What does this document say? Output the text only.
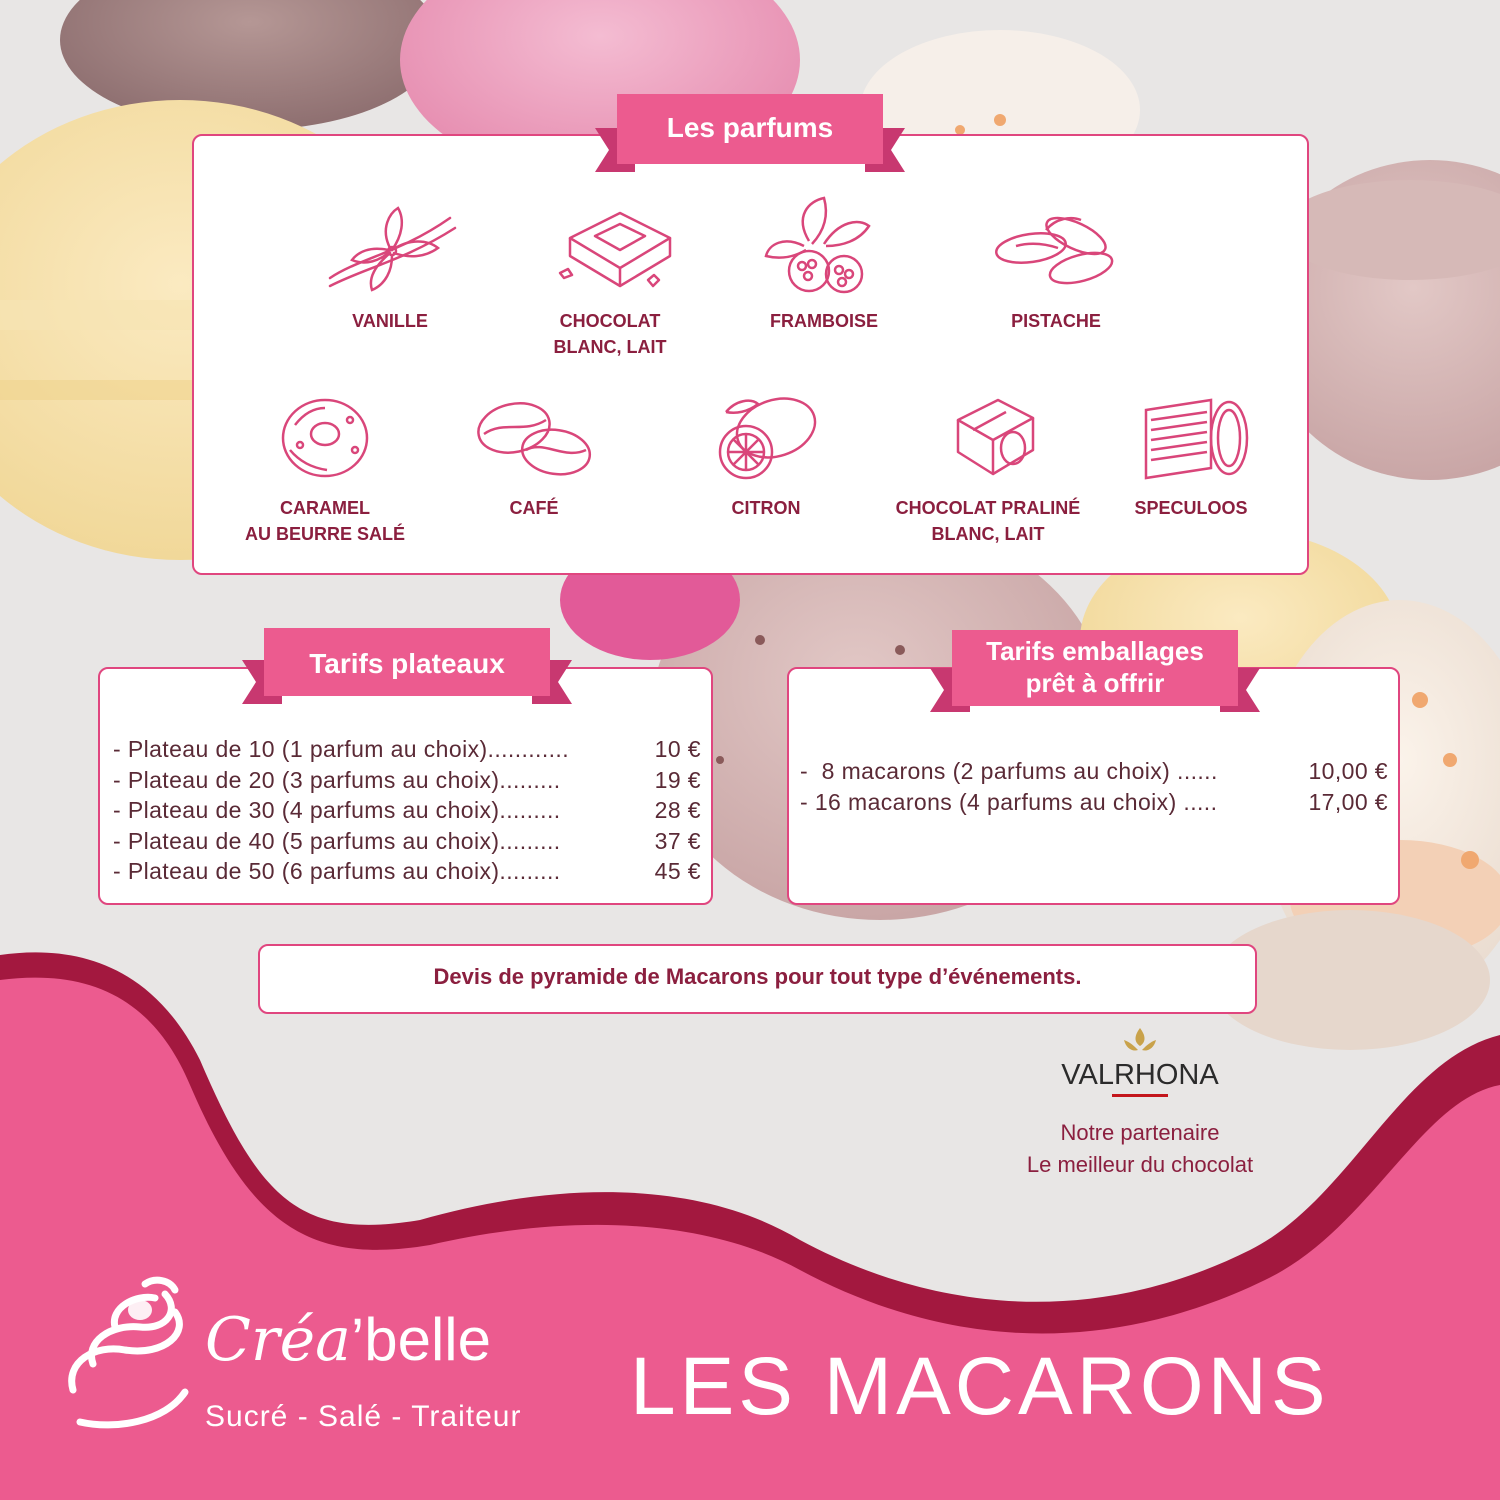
Les parfums
VANILLE	CHOCOLAT
BLANC, LAIT
FRAMBOISE	PISTACHE
CARAMEL
AU BEURRE SALÉ
CAFÉ	CITRON	CHOCOLAT PRALINÉ
BLANC, LAIT
SPECULOOS
Tarifs plateaux
- Plateau de 10 (1 parfum au choix)............	10 €
- Plateau de 20 (3 parfums au choix).........	19 €
- Plateau de 30 (4 parfums au choix).........	28 €
- Plateau de 40 (5 parfums au choix).........	37 €
- Plateau de 50 (6 parfums au choix).........	45 €
Tarifs emballages
prêt à offrir
-  8 macarons (2 parfums au choix) ......	10,00 €
- 16 macarons (4 parfums au choix) .....	17,00 €
Devis de pyramide de Macarons pour tout type d’événements.
VALRHONA
Notre partenaire
Le meilleur du chocolat
Créa’belle
Sucré - Salé - Traiteur LES MACARONS
